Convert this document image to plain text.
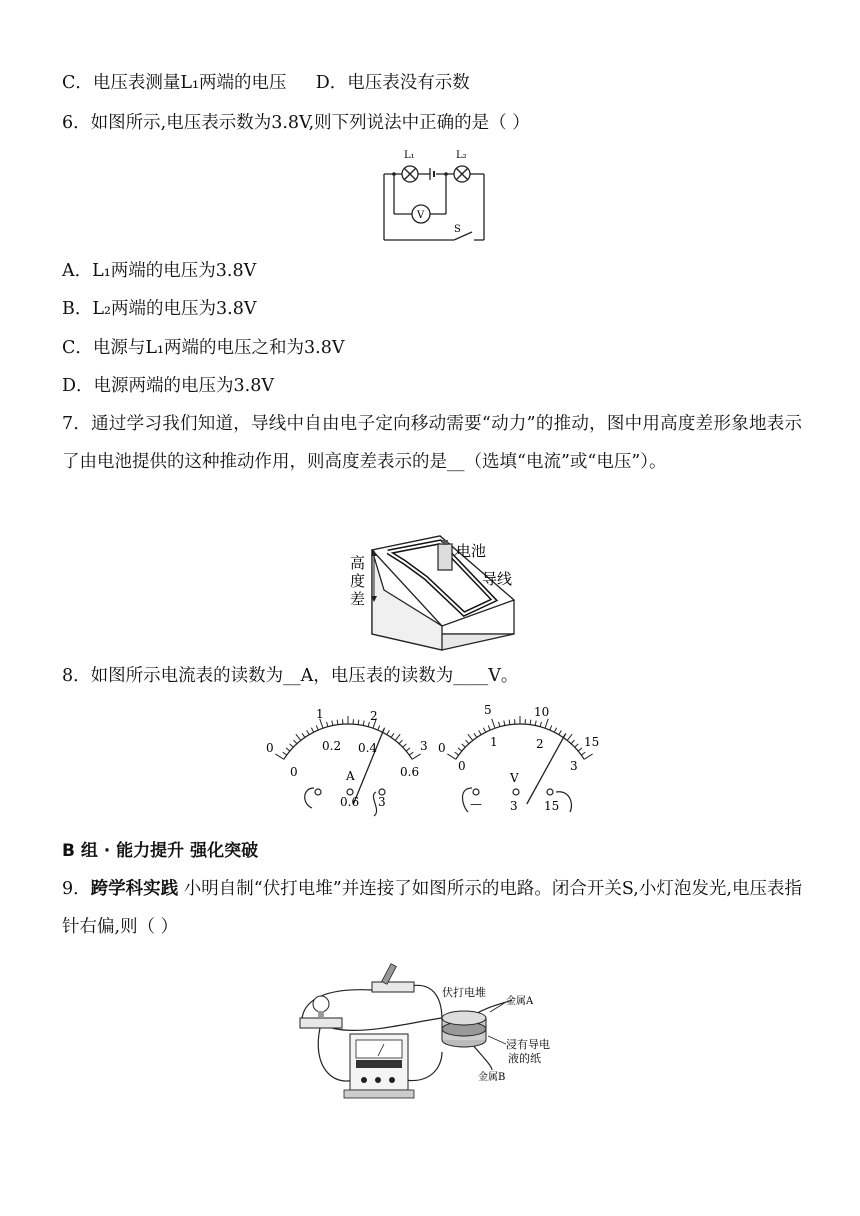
C．电压表测量L₁两端的电压 D．电压表没有示数
6．如图所示,电压表示数为3.8V,则下列说法中正确的是（ ）
L₁	L₂
V
S
A．L₁两端的电压为3.8V
B．L₂两端的电压为3.8V
C．电源与L₁两端的电压之和为3.8V
D．电源两端的电压为3.8V
7．通过学习我们知道，导线中自由电子定向移动需要“动力”的推动，图中用高度差形象地表示了由电池提供的这种推动作用，则高度差表示的是__（选填“电流”或“电压”）。
电池
导线
高
度
差
8．如图所示电流表的读数为__A，电压表的读数为____V。
0
1	2
3
0
0.2 0.4
0.6
A
0.6 3
0
5	10
15
0
1	2
3
V
— 3 15
B 组 · 能力提升 强化突破
9．跨学科实践 小明自制“伏打电堆”并连接了如图所示的电路。闭合开关S,小灯泡发光,电压表指针右偏,则（ ）
伏打电堆
金属A
浸有导电
液的纸
金属B
